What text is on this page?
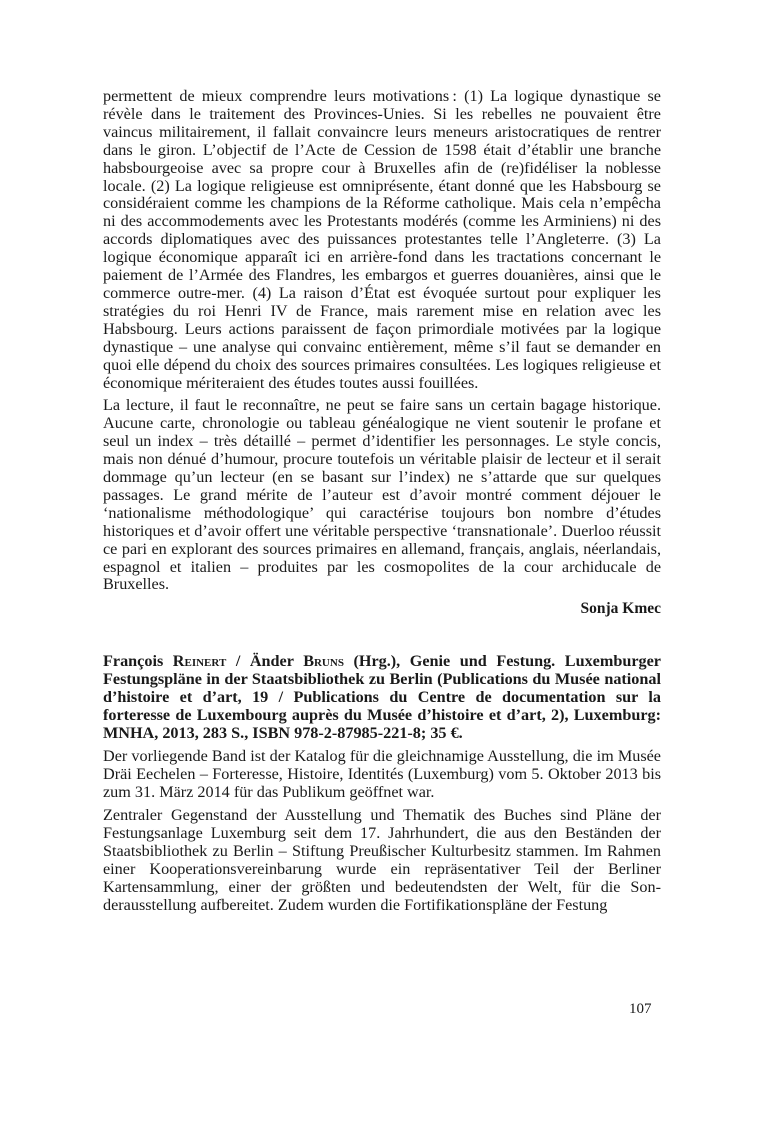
permettent de mieux comprendre leurs motivations : (1) La logique dynastique se révèle dans le traitement des Provinces-Unies. Si les rebelles ne pouvaient être vaincus militairement, il fallait convaincre leurs meneurs aristocratiques de rentrer dans le giron. L’objectif de l’Acte de Cession de 1598 était d’établir une branche habsbourgeoise avec sa propre cour à Bruxelles afin de (re)fidéliser la noblesse locale. (2) La logique religieuse est omniprésente, étant donné que les Habsbourg se considéraient comme les champions de la Réforme catholique. Mais cela n’empêcha ni des accommodements avec les Protestants modérés (comme les Arminiens) ni des accords diplomatiques avec des puissances protestantes telle l’Angleterre. (3) La logique économique apparaît ici en arrière-fond dans les tractations concernant le paiement de l’Armée des Flandres, les embargos et guerres douanières, ainsi que le commerce outre-mer. (4) La raison d’État est évoquée surtout pour expliquer les stratégies du roi Henri IV de France, mais rarement mise en relation avec les Habsbourg. Leurs actions paraissent de façon primordiale motivées par la logique dynastique – une analyse qui convainc entièrement, même s’il faut se demander en quoi elle dépend du choix des sources primaires consultées. Les logiques religieuse et économique mériteraient des études toutes aussi fouillées.

La lecture, il faut le reconnaître, ne peut se faire sans un certain bagage historique. Aucune carte, chronologie ou tableau généalogique ne vient soutenir le profane et seul un index – très détaillé – permet d’identifier les personnages. Le style concis, mais non dénué d’humour, procure toutefois un véritable plaisir de lecteur et il serait dommage qu’un lecteur (en se basant sur l’index) ne s’attarde que sur quelques passages. Le grand mérite de l’auteur est d’avoir montré comment déjouer le ‘nationalisme méthodologique’ qui caractérise toujours bon nombre d’études historiques et d’avoir offert une véritable perspective ‘transnationale’. Duerloo réussit ce pari en explorant des sources primaires en allemand, français, anglais, néerlandais, espagnol et italien – produites par les cosmopolites de la cour archiducale de Bruxelles.

Sonja Kmec
François Reinert / Änder Bruns (Hrg.), Genie und Festung. Luxemburger Festungspläne in der Staatsbibliothek zu Berlin (Publications du Musée national d’histoire et d’art, 19 / Publications du Centre de documentation sur la forteresse de Luxembourg auprès du Musée d’histoire et d’art, 2), Luxemburg: MNHA, 2013, 283 S., ISBN 978-2-87985-221-8; 35 €.

Der vorliegende Band ist der Katalog für die gleichnamige Ausstellung, die im Musée Dräi Eechelen – Forteresse, Histoire, Identités (Luxemburg) vom 5. Oktober 2013 bis zum 31. März 2014 für das Publikum geöffnet war.

Zentraler Gegenstand der Ausstellung und Thematik des Buches sind Pläne der Festungsanlage Luxemburg seit dem 17. Jahrhundert, die aus den Beständen der Staatsbibliothek zu Berlin – Stiftung Preußischer Kulturbesitz stammen. Im Rahmen einer Kooperationsvereinbarung wurde ein repräsentativer Teil der Berliner Kartensammlung, einer der größten und bedeutendsten der Welt, für die Sonderausstellung aufbereitet. Zudem wurden die Fortifikationspläne der Festung

107
